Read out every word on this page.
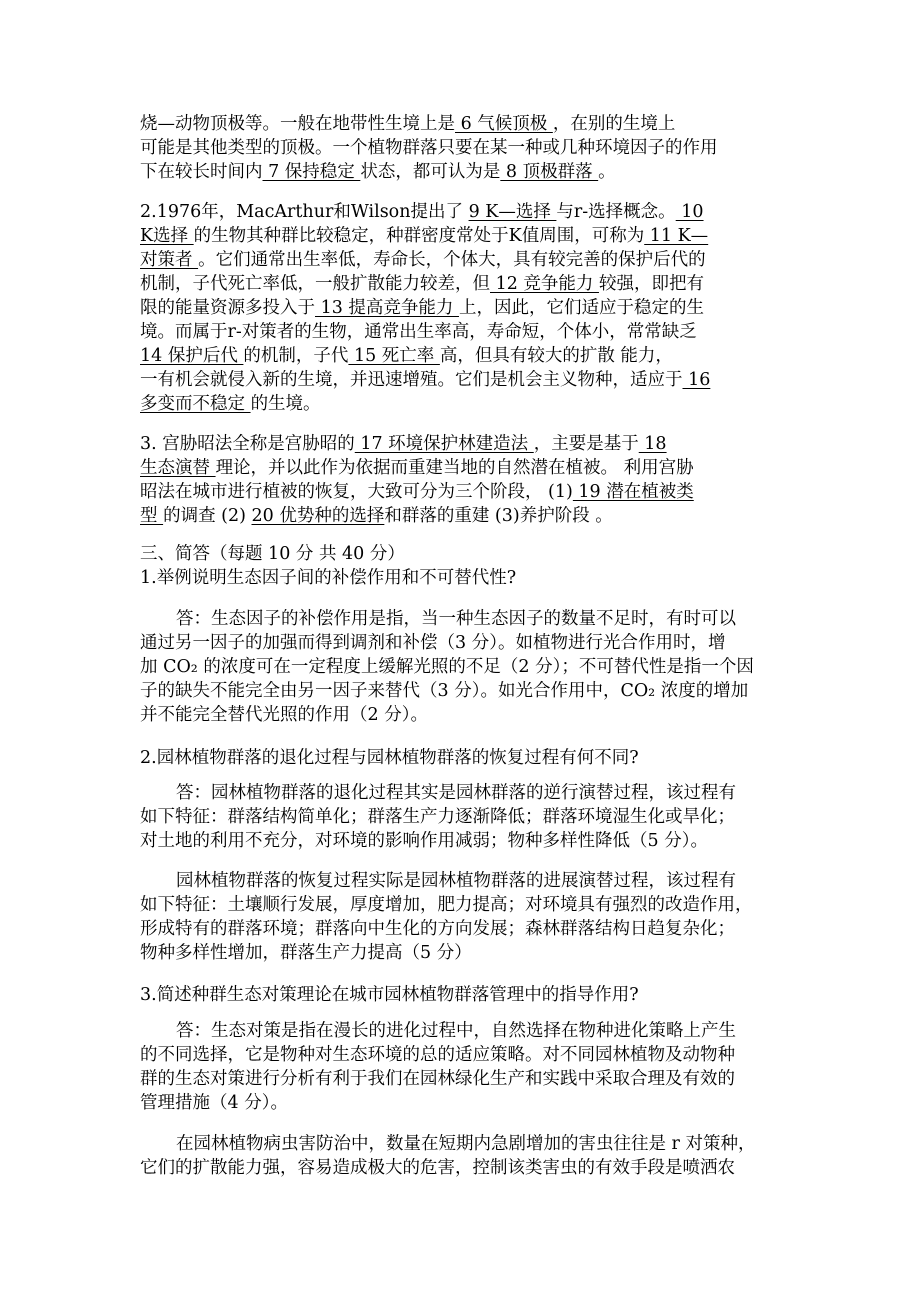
烧—动物顶极等。一般在地带性生境上是 6 气候顶极 ，在别的生境上
可能是其他类型的顶极。一个植物群落只要在某一种或几种环境因子的作用
下在较长时间内 7 保持稳定 状态，都可认为是 8 顶极群落 。
2.1976年，MacArthur和Wilson提出了 9 K—选择 与r-选择概念。 10
K选择 的生物其种群比较稳定，种群密度常处于K值周围，可称为 11 K—
对策者 。它们通常出生率低，寿命长，个体大，具有较完善的保护后代的
机制，子代死亡率低，一般扩散能力较差，但 12 竞争能力 较强，即把有
限的能量资源多投入于 13 提高竞争能力 上，因此，它们适应于稳定的生
境。而属于r-对策者的生物，通常出生率高，寿命短，个体小，常常缺乏
14 保护后代 的机制，子代 15 死亡率 高，但具有较大的扩散 能力，
一有机会就侵入新的生境，并迅速增殖。它们是机会主义物种，适应于 16
多变而不稳定 的生境。
3. 宫胁昭法全称是宫胁昭的 17 环境保护林建造法 ，主要是基于 18
生态演替 理论，并以此作为依据而重建当地的自然潜在植被。 利用宫胁
昭法在城市进行植被的恢复，大致可分为三个阶段， (1) 19 潜在植被类
型 的调查 (2) 20 优势种的选择和群落的重建 (3)养护阶段 。
三、简答（每题 10 分 共 40 分）
1.举例说明生态因子间的补偿作用和不可替代性?
答：生态因子的补偿作用是指，当一种生态因子的数量不足时，有时可以
通过另一因子的加强而得到调剂和补偿（3 分）。如植物进行光合作用时，增
加 CO₂ 的浓度可在一定程度上缓解光照的不足（2 分）；不可替代性是指一个因
子的缺失不能完全由另一因子来替代（3 分）。如光合作用中，CO₂ 浓度的增加
并不能完全替代光照的作用（2 分）。
2.园林植物群落的退化过程与园林植物群落的恢复过程有何不同?
答：园林植物群落的退化过程其实是园林群落的逆行演替过程，该过程有
如下特征：群落结构简单化；群落生产力逐渐降低；群落环境湿生化或旱化；
对土地的利用不充分，对环境的影响作用减弱；物种多样性降低（5 分）。
园林植物群落的恢复过程实际是园林植物群落的进展演替过程，该过程有
如下特征：土壤顺行发展，厚度增加，肥力提高；对环境具有强烈的改造作用，
形成特有的群落环境；群落向中生化的方向发展；森林群落结构日趋复杂化；
物种多样性增加，群落生产力提高（5 分）
3.简述种群生态对策理论在城市园林植物群落管理中的指导作用?
答：生态对策是指在漫长的进化过程中，自然选择在物种进化策略上产生
的不同选择，它是物种对生态环境的总的适应策略。对不同园林植物及动物种
群的生态对策进行分析有利于我们在园林绿化生产和实践中采取合理及有效的
管理措施（4 分）。
在园林植物病虫害防治中，数量在短期内急剧增加的害虫往往是 r 对策种，
它们的扩散能力强，容易造成极大的危害，控制该类害虫的有效手段是喷洒农
